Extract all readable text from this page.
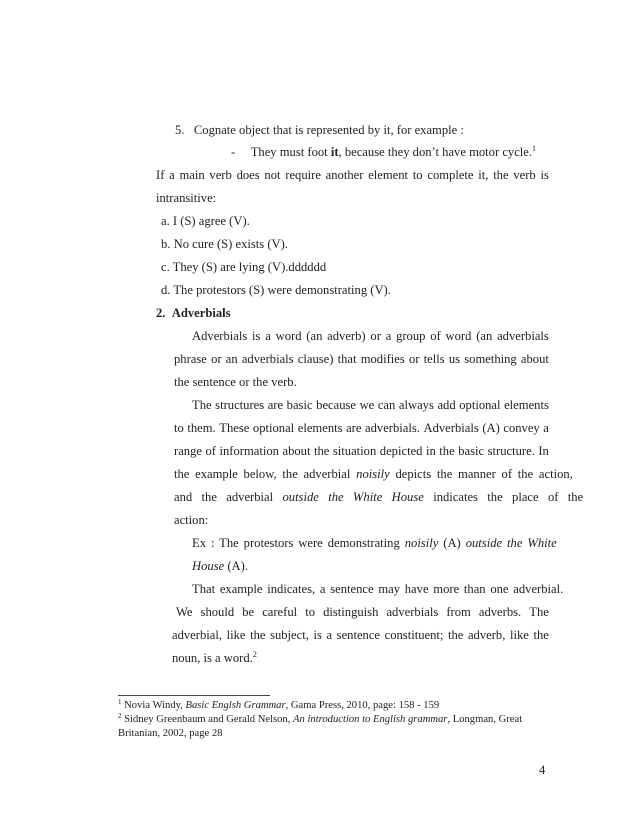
5. Cognate object that is represented by it, for example :
- They must foot it, because they don’t have motor cycle.$^1$
If a main verb does not require another element to complete it, the verb is
intransitive:
a. I (S) agree (V).
b. No cure (S) exists (V).
c. They (S) are lying (V).dddddd
d. The protestors (S) were demonstrating (V).
2. Adverbials
Adverbials is a word (an adverb) or a group of word (an adverbials
phrase or an adverbials clause) that modifies or tells us something about
the sentence or the verb.
The structures are basic because we can always add optional elements
to them. These optional elements are adverbials. Adverbials (A) convey a
range of information about the situation depicted in the basic structure. In
the example below, the adverbial noisily depicts the manner of the action,
and the adverbial outside the White House indicates the place of the
action:
Ex : The protestors were demonstrating noisily (A) outside the White
House (A).
That example indicates, a sentence may have more than one adverbial.
We should be careful to distinguish adverbials from adverbs. The
adverbial, like the subject, is a sentence constituent; the adverb, like the
noun, is a word.$^2$
$^1$ Novia Windy, Basic Englsh Grammar, Gama Press, 2010, page: 158 - 159
$^2$ Sidney Greenbaum and Gerald Nelson, An introduction to English grammar, Longman, Great
Britanian, 2002, page 28
4
